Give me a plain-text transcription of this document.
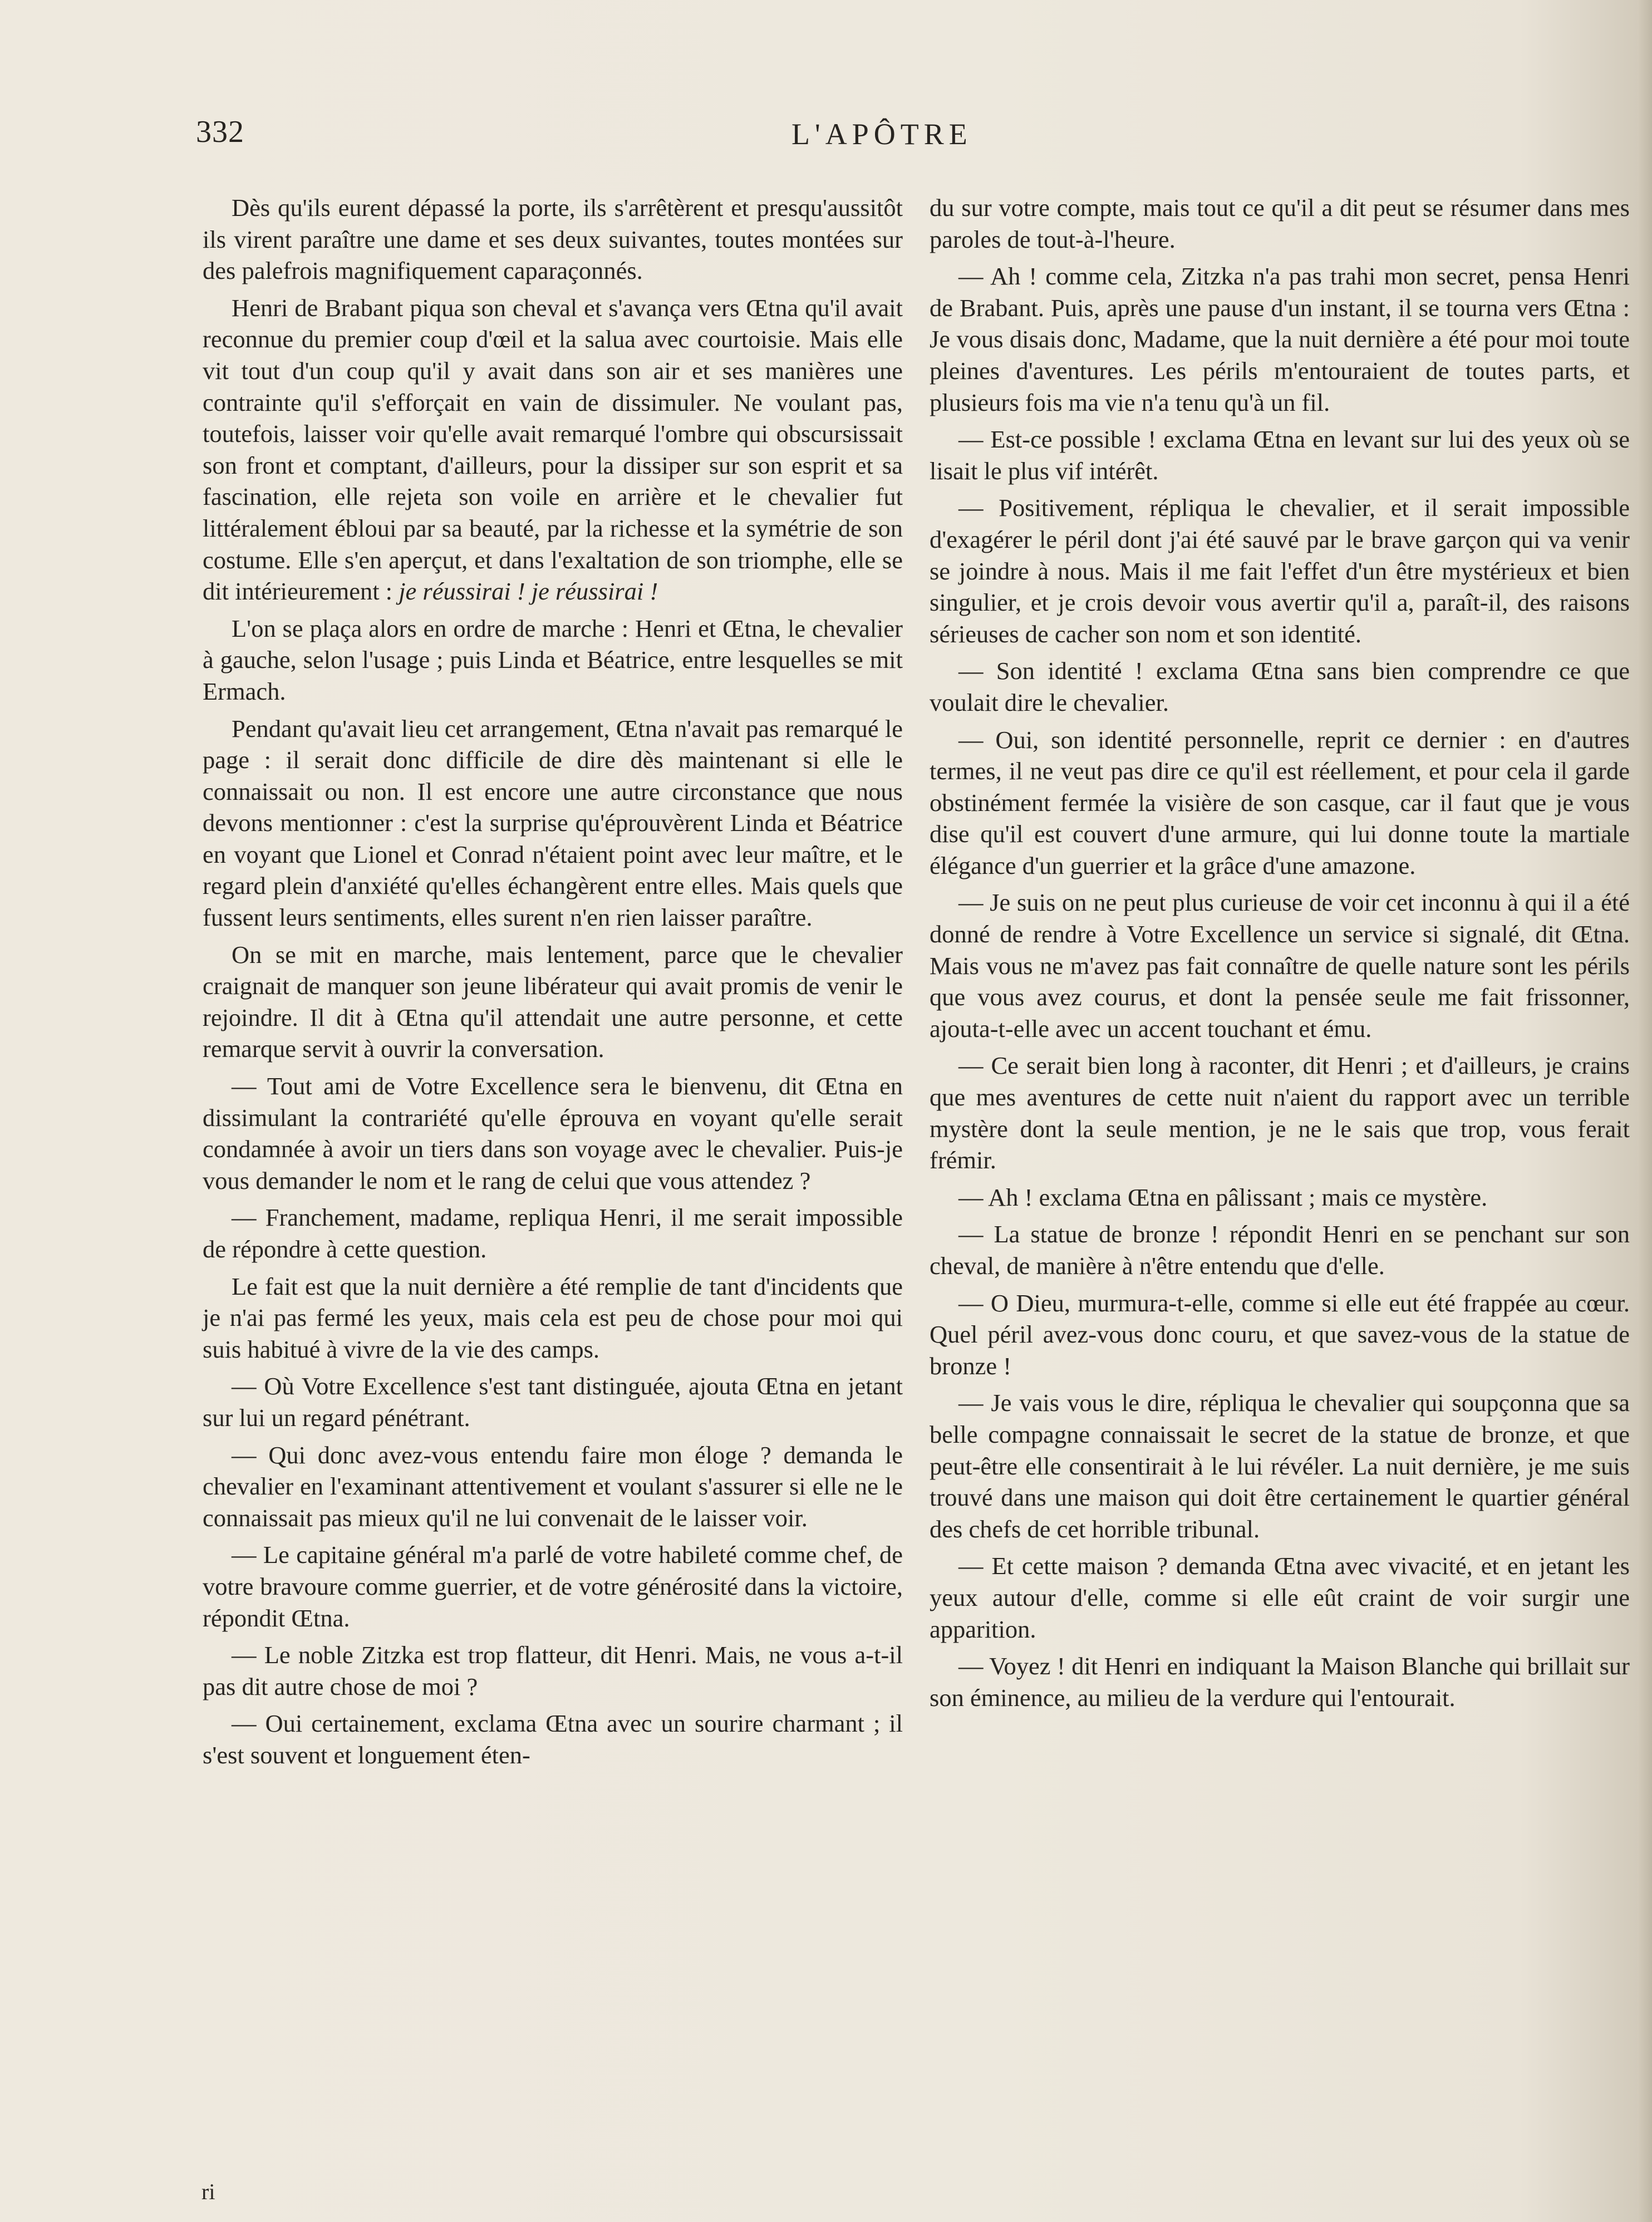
332	L'APÔTRE

Dès qu'ils eurent dépassé la porte, ils s'arrêtèrent et presqu'aussitôt ils virent paraître une dame et ses deux suivantes, toutes montées sur des palefrois magnifiquement caparaçonnés.

Henri de Brabant piqua son cheval et s'avança vers Œtna qu'il avait reconnue du premier coup d'œil et la salua avec courtoisie. Mais elle vit tout d'un coup qu'il y avait dans son air et ses manières une contrainte qu'il s'efforçait en vain de dissimuler. Ne voulant pas, toutefois, laisser voir qu'elle avait remarqué l'ombre qui obscursissait son front et comptant, d'ailleurs, pour la dissiper sur son esprit et sa fascination, elle rejeta son voile en arrière et le chevalier fut littéralement ébloui par sa beauté, par la richesse et la symétrie de son costume. Elle s'en aperçut, et dans l'exaltation de son triomphe, elle se dit intérieurement : je réussirai ! je réussirai !

L'on se plaça alors en ordre de marche : Henri et Œtna, le chevalier à gauche, selon l'usage ; puis Linda et Béatrice, entre lesquelles se mit Ermach.

Pendant qu'avait lieu cet arrangement, Œtna n'avait pas remarqué le page : il serait donc difficile de dire dès maintenant si elle le connaissait ou non. Il est encore une autre circonstance que nous devons mentionner : c'est la surprise qu'éprouvèrent Linda et Béatrice en voyant que Lionel et Conrad n'étaient point avec leur maître, et le regard plein d'anxiété qu'elles échangèrent entre elles. Mais quels que fussent leurs sentiments, elles surent n'en rien laisser paraître.

On se mit en marche, mais lentement, parce que le chevalier craignait de manquer son jeune libérateur qui avait promis de venir le rejoindre. Il dit à Œtna qu'il attendait une autre personne, et cette remarque servit à ouvrir la conversation.

— Tout ami de Votre Excellence sera le bienvenu, dit Œtna en dissimulant la contrariété qu'elle éprouva en voyant qu'elle serait condamnée à avoir un tiers dans son voyage avec le chevalier. Puis-je vous demander le nom et le rang de celui que vous attendez ?

— Franchement, madame, repliqua Henri, il me serait impossible de répondre à cette question.

Le fait est que la nuit dernière a été remplie de tant d'incidents que je n'ai pas fermé les yeux, mais cela est peu de chose pour moi qui suis habitué à vivre de la vie des camps.

— Où Votre Excellence s'est tant distinguée, ajouta Œtna en jetant sur lui un regard pénétrant.

— Qui donc avez-vous entendu faire mon éloge ? demanda le chevalier en l'examinant attentivement et voulant s'assurer si elle ne le connaissait pas mieux qu'il ne lui convenait de le laisser voir.

— Le capitaine général m'a parlé de votre habileté comme chef, de votre bravoure comme guerrier, et de votre générosité dans la victoire, répondit Œtna.

— Le noble Zitzka est trop flatteur, dit Henri. Mais, ne vous a-t-il pas dit autre chose de moi ?

— Oui certainement, exclama Œtna avec un sourire charmant ; il s'est souvent et longuement éten-

du sur votre compte, mais tout ce qu'il a dit peut se résumer dans mes paroles de tout-à-l'heure.

— Ah ! comme cela, Zitzka n'a pas trahi mon secret, pensa Henri de Brabant. Puis, après une pause d'un instant, il se tourna vers Œtna : Je vous disais donc, Madame, que la nuit dernière a été pour moi toute pleines d'aventures. Les périls m'entouraient de toutes parts, et plusieurs fois ma vie n'a tenu qu'à un fil.

— Est-ce possible ! exclama Œtna en levant sur lui des yeux où se lisait le plus vif intérêt.

— Positivement, répliqua le chevalier, et il serait impossible d'exagérer le péril dont j'ai été sauvé par le brave garçon qui va venir se joindre à nous. Mais il me fait l'effet d'un être mystérieux et bien singulier, et je crois devoir vous avertir qu'il a, paraît-il, des raisons sérieuses de cacher son nom et son identité.

— Son identité ! exclama Œtna sans bien comprendre ce que voulait dire le chevalier.

— Oui, son identité personnelle, reprit ce dernier : en d'autres termes, il ne veut pas dire ce qu'il est réellement, et pour cela il garde obstinément fermée la visière de son casque, car il faut que je vous dise qu'il est couvert d'une armure, qui lui donne toute la martiale élégance d'un guerrier et la grâce d'une amazone.

— Je suis on ne peut plus curieuse de voir cet inconnu à qui il a été donné de rendre à Votre Excellence un service si signalé, dit Œtna. Mais vous ne m'avez pas fait connaître de quelle nature sont les périls que vous avez courus, et dont la pensée seule me fait frissonner, ajouta-t-elle avec un accent touchant et ému.

— Ce serait bien long à raconter, dit Henri ; et d'ailleurs, je crains que mes aventures de cette nuit n'aient du rapport avec un terrible mystère dont la seule mention, je ne le sais que trop, vous ferait frémir.

— Ah ! exclama Œtna en pâlissant ; mais ce mystère.

— La statue de bronze ! répondit Henri en se penchant sur son cheval, de manière à n'être entendu que d'elle.

— O Dieu, murmura-t-elle, comme si elle eut été frappée au cœur. Quel péril avez-vous donc couru, et que savez-vous de la statue de bronze !

— Je vais vous le dire, répliqua le chevalier qui soupçonna que sa belle compagne connaissait le secret de la statue de bronze, et que peut-être elle consentirait à le lui révéler. La nuit dernière, je me suis trouvé dans une maison qui doit être certainement le quartier général des chefs de cet horrible tribunal.

— Et cette maison ? demanda Œtna avec vivacité, et en jetant les yeux autour d'elle, comme si elle eût craint de voir surgir une apparition.

— Voyez ! dit Henri en indiquant la Maison Blanche qui brillait sur son éminence, au milieu de la verdure qui l'entourait.

ri
